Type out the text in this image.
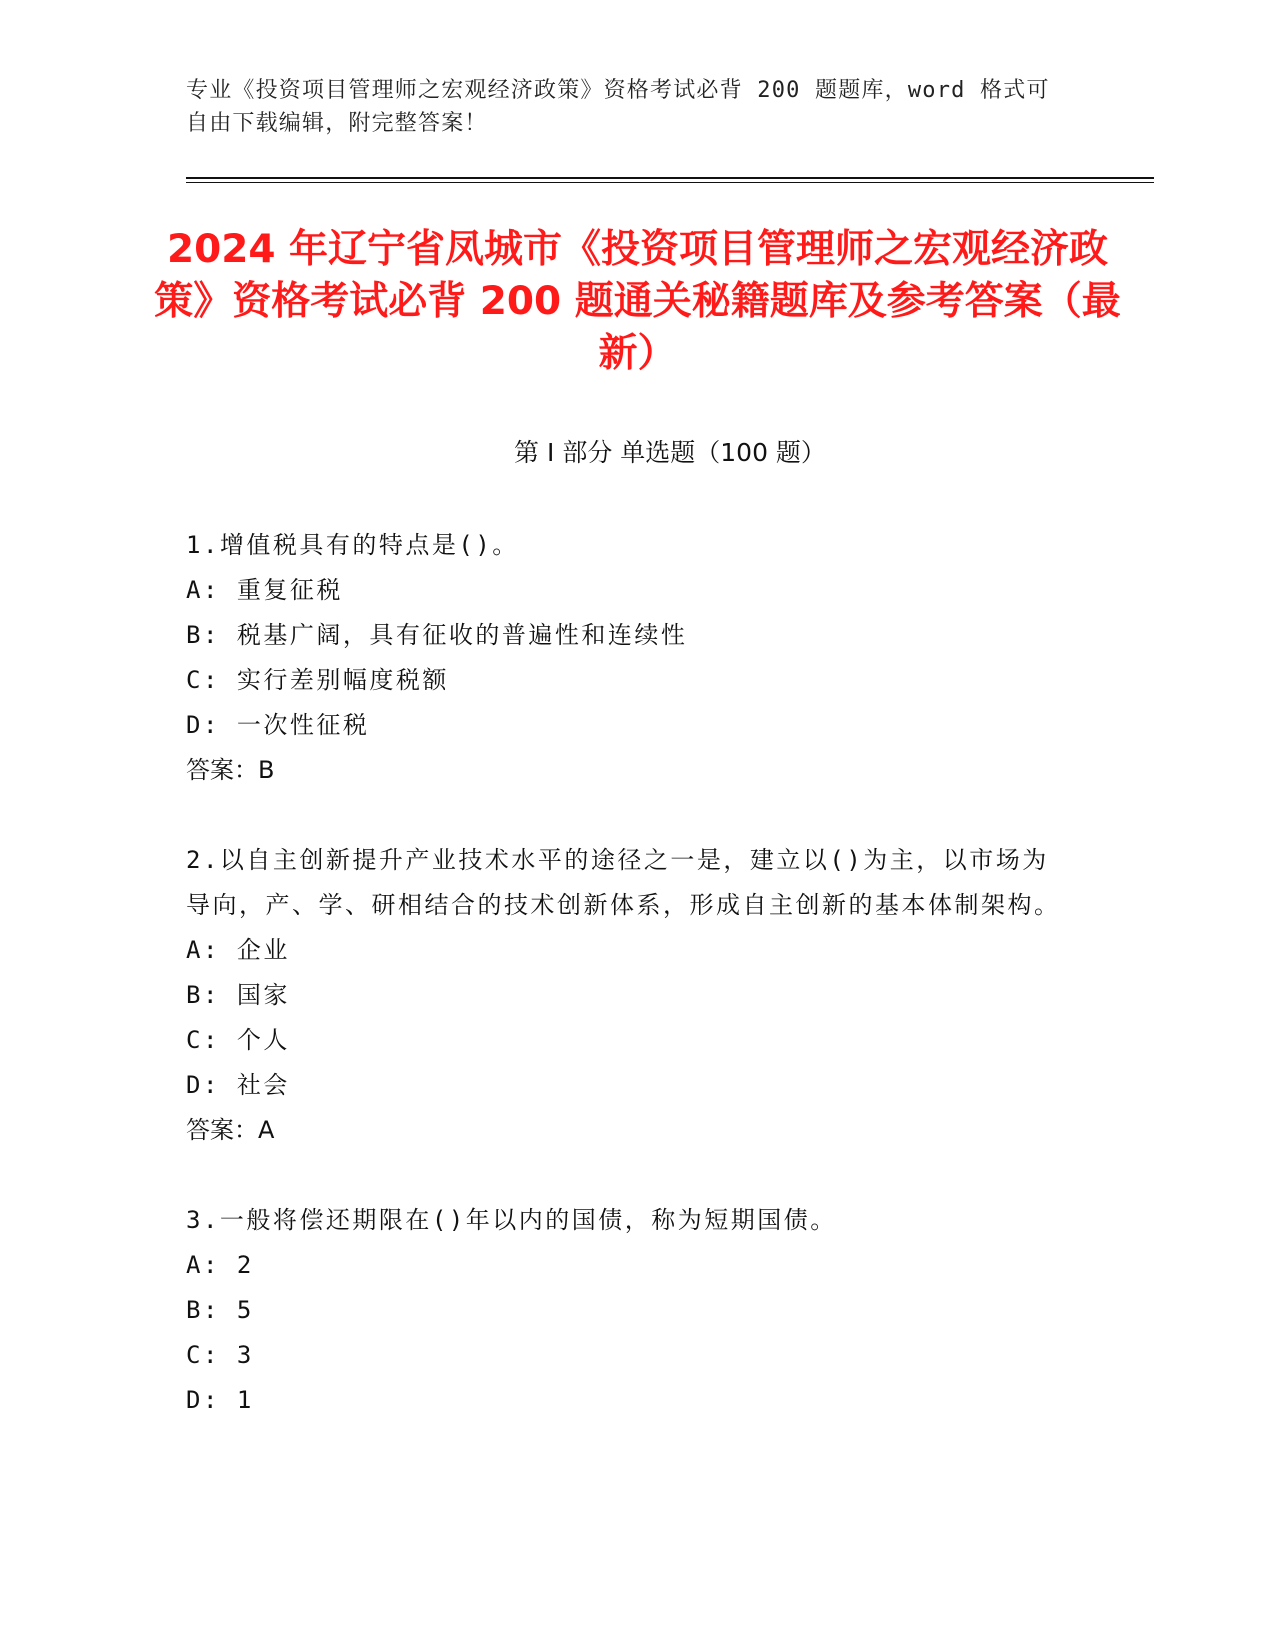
专业《投资项目管理师之宏观经济政策》资格考试必背 200 题题库，word 格式可自由下载编辑，附完整答案！
2024 年辽宁省凤城市《投资项目管理师之宏观经济政策》资格考试必背 200 题通关秘籍题库及参考答案（最新）
第 I 部分 单选题（100 题）

1.增值税具有的特点是()。

A: 重复征税

B: 税基广阔，具有征收的普遍性和连续性

C: 实行差别幅度税额

D: 一次性征税

答案：B

2.以自主创新提升产业技术水平的途径之一是，建立以()为主，以市场为导向，产、学、研相结合的技术创新体系，形成自主创新的基本体制架构。

A: 企业

B: 国家

C: 个人

D: 社会

答案：A

3.一般将偿还期限在()年以内的国债，称为短期国债。

A: 2

B: 5

C: 3

D: 1
